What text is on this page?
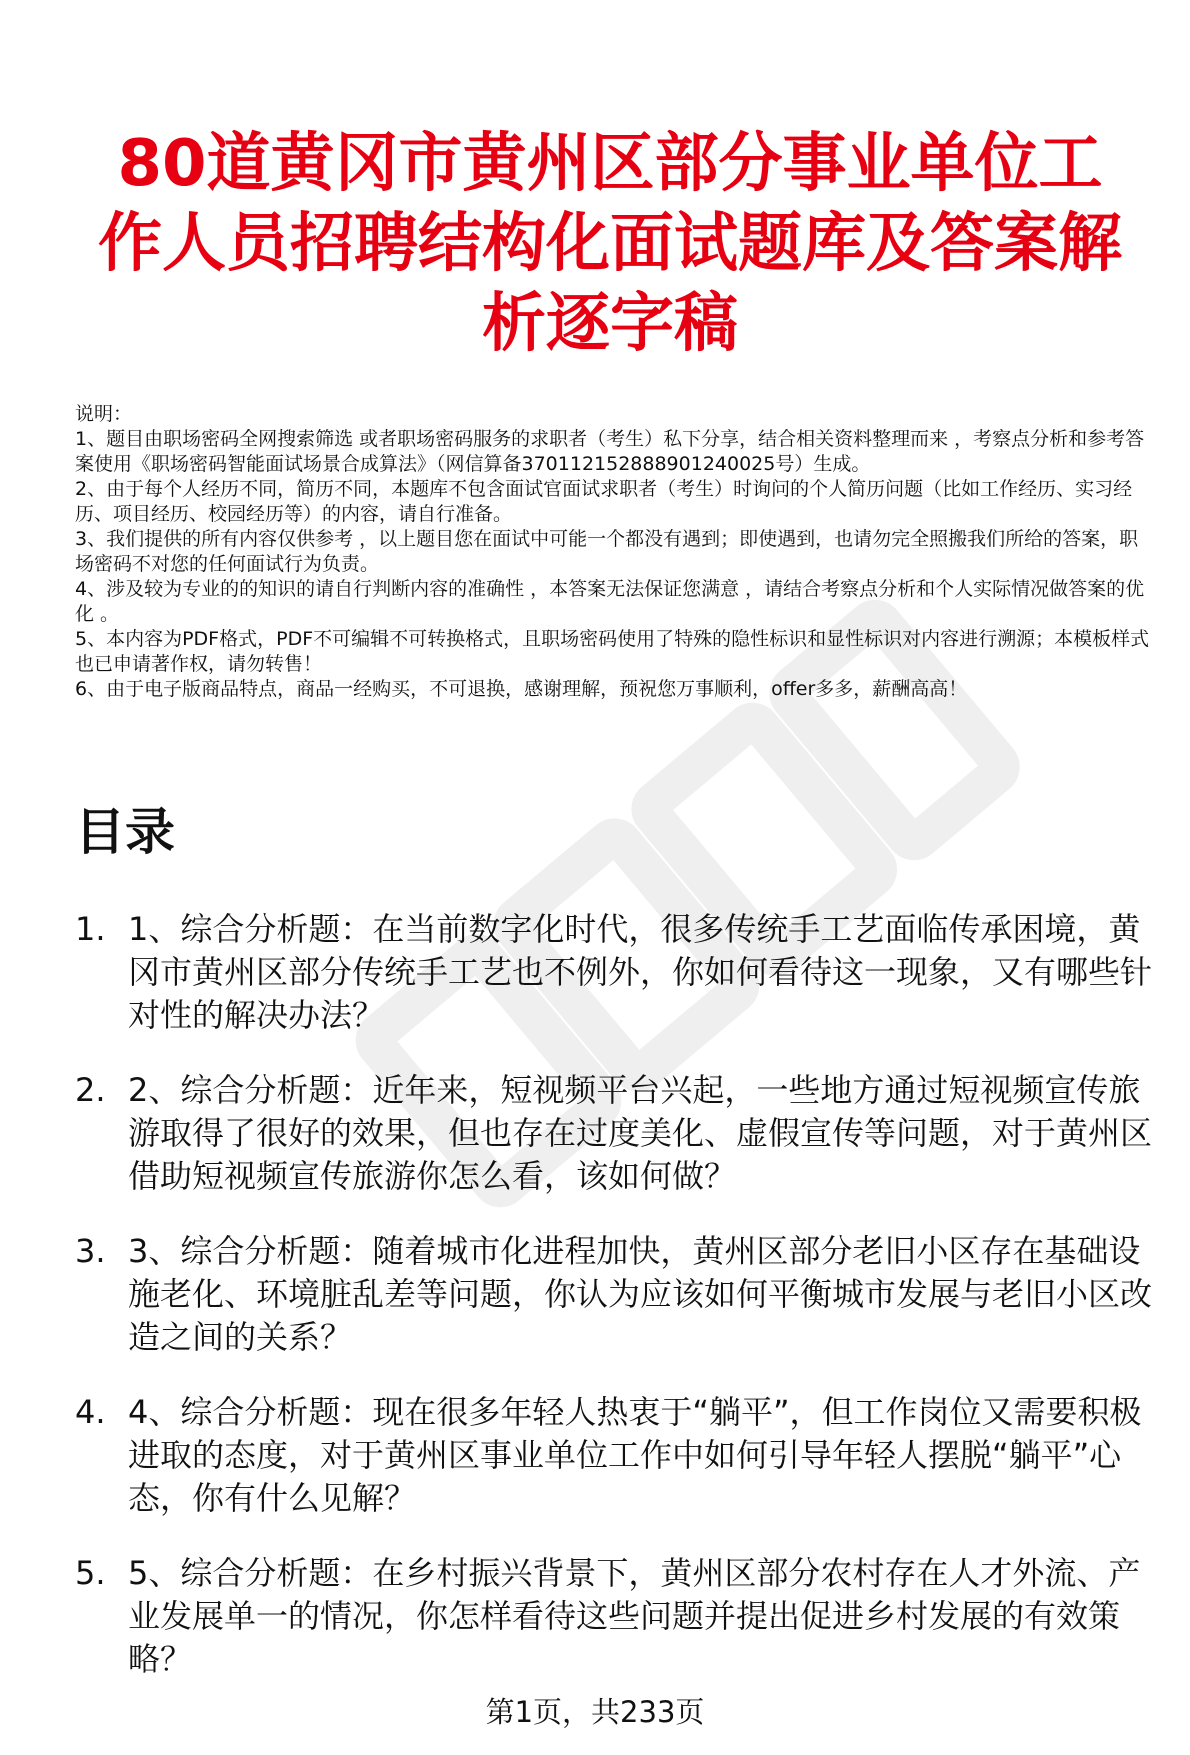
80道黄冈市黄州区部分事业单位工作人员招聘结构化面试题库及答案解析逐字稿
说明：
1、题目由职场密码全网搜索筛选 或者职场密码服务的求职者（考生）私下分享，结合相关资料整理而来 ，考察点分析和参考答案使用《职场密码智能面试场景合成算法》（网信算备370112152888901240025号）生成。
2、由于每个人经历不同，简历不同，本题库不包含面试官面试求职者（考生）时询问的个人简历问题（比如工作经历、实习经历、项目经历、校园经历等）的内容，请自行准备。
3、我们提供的所有内容仅供参考 ，以上题目您在面试中可能一个都没有遇到；即使遇到，也请勿完全照搬我们所给的答案，职场密码不对您的任何面试行为负责。
4、涉及较为专业的的知识的请自行判断内容的准确性 ，本答案无法保证您满意 ，请结合考察点分析和个人实际情况做答案的优化 。
5、本内容为PDF格式，PDF不可编辑不可转换格式，且职场密码使用了特殊的隐性标识和显性标识对内容进行溯源；本模板样式也已申请著作权，请勿转售！
6、由于电子版商品特点，商品一经购买，不可退换，感谢理解，预祝您万事顺利，offer多多，薪酬高高！
目录
1. 1、综合分析题：在当前数字化时代，很多传统手工艺面临传承困境，黄冈市黄州区部分传统手工艺也不例外，你如何看待这一现象，又有哪些针对性的解决办法？
2. 2、综合分析题：近年来，短视频平台兴起，一些地方通过短视频宣传旅游取得了很好的效果，但也存在过度美化、虚假宣传等问题，对于黄州区借助短视频宣传旅游你怎么看，该如何做？
3. 3、综合分析题：随着城市化进程加快，黄州区部分老旧小区存在基础设施老化、环境脏乱差等问题，你认为应该如何平衡城市发展与老旧小区改造之间的关系？
4. 4、综合分析题：现在很多年轻人热衷于“躺平”，但工作岗位又需要积极进取的态度，对于黄州区事业单位工作中如何引导年轻人摆脱“躺平”心态，你有什么见解？
5. 5、综合分析题：在乡村振兴背景下，黄州区部分农村存在人才外流、产业发展单一的情况，你怎样看待这些问题并提出促进乡村发展的有效策略？
第1页，共233页
